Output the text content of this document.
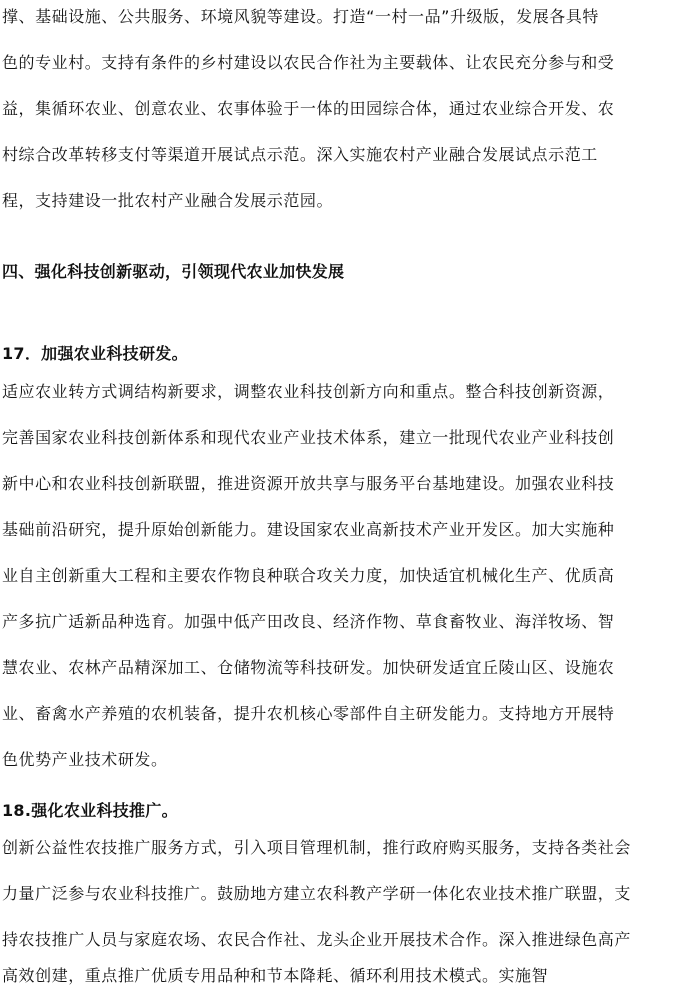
撑、基础设施、公共服务、环境风貌等建设。打造“一村一品”升级版，发展各具特
色的专业村。支持有条件的乡村建设以农民合作社为主要载体、让农民充分参与和受
益，集循环农业、创意农业、农事体验于一体的田园综合体，通过农业综合开发、农
村综合改革转移支付等渠道开展试点示范。深入实施农村产业融合发展试点示范工
程，支持建设一批农村产业融合发展示范园。
四、强化科技创新驱动，引领现代农业加快发展
17．加强农业科技研发。
适应农业转方式调结构新要求，调整农业科技创新方向和重点。整合科技创新资源，
完善国家农业科技创新体系和现代农业产业技术体系，建立一批现代农业产业科技创
新中心和农业科技创新联盟，推进资源开放共享与服务平台基地建设。加强农业科技
基础前沿研究，提升原始创新能力。建设国家农业高新技术产业开发区。加大实施种
业自主创新重大工程和主要农作物良种联合攻关力度，加快适宜机械化生产、优质高
产多抗广适新品种选育。加强中低产田改良、经济作物、草食畜牧业、海洋牧场、智
慧农业、农林产品精深加工、仓储物流等科技研发。加快研发适宜丘陵山区、设施农
业、畜禽水产养殖的农机装备，提升农机核心零部件自主研发能力。支持地方开展特
色优势产业技术研发。
18.强化农业科技推广。
创新公益性农技推广服务方式，引入项目管理机制，推行政府购买服务，支持各类社会
力量广泛参与农业科技推广。鼓励地方建立农科教产学研一体化农业技术推广联盟，支
持农技推广人员与家庭农场、农民合作社、龙头企业开展技术合作。深入推进绿色高产
高效创建，重点推广优质专用品种和节本降耗、循环利用技术模式。实施智
